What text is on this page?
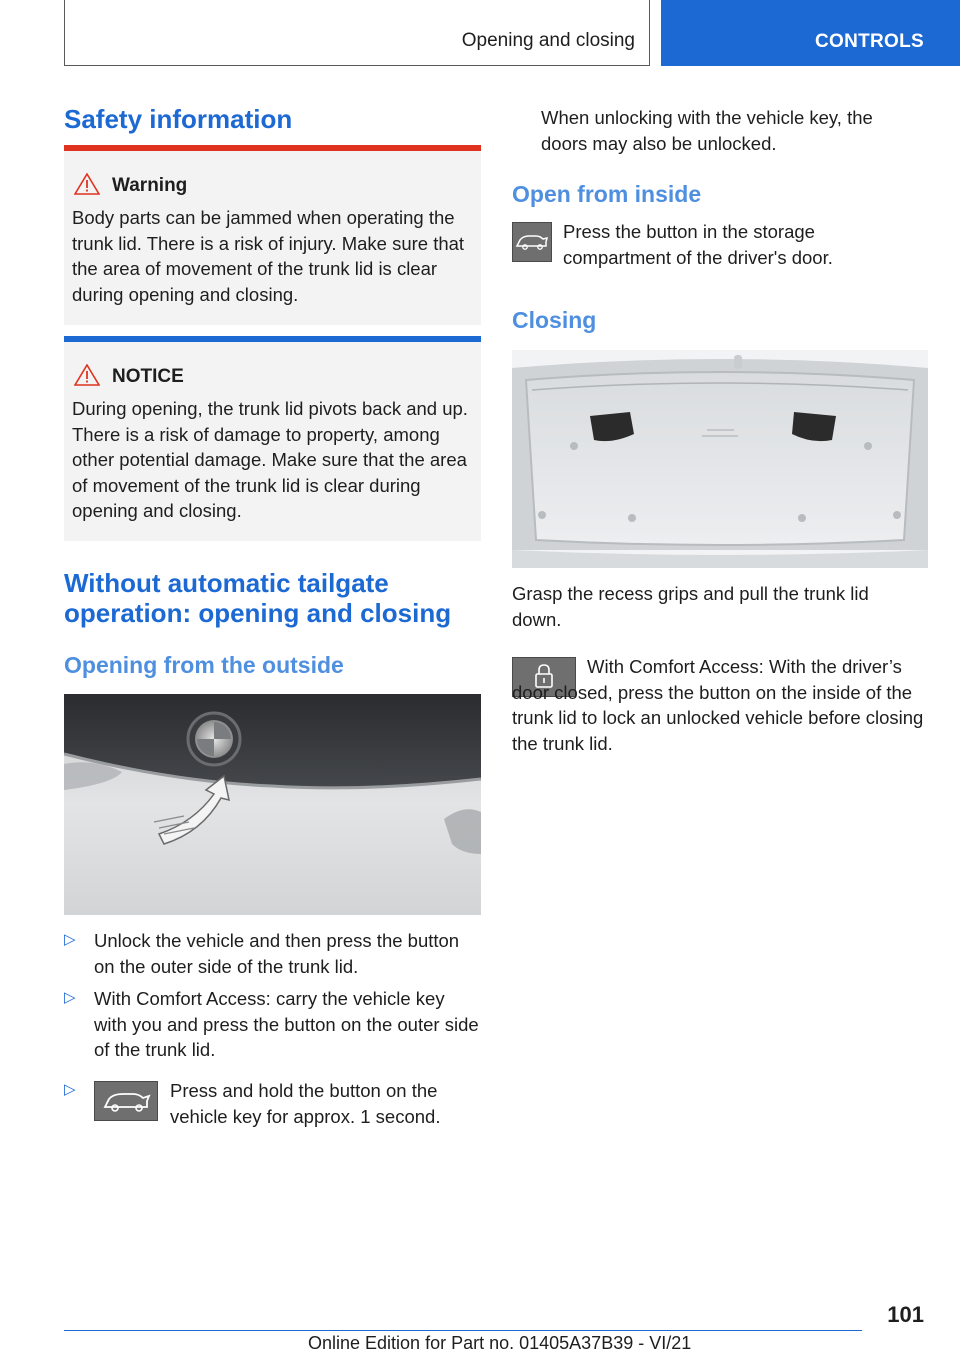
Opening and closing	CONTROLS
Safety information
Warning
Body parts can be jammed when operating the trunk lid. There is a risk of injury. Make sure that the area of movement of the trunk lid is clear during opening and closing.
NOTICE
During opening, the trunk lid pivots back and up. There is a risk of damage to property, among other potential damage. Make sure that the area of movement of the trunk lid is clear during opening and closing.
Without automatic tailgate operation: opening and closing
Opening from the outside
▷ Unlock the vehicle and then press the button on the outer side of the trunk lid.
▷ With Comfort Access: carry the vehicle key with you and press the button on the outer side of the trunk lid.
▷	Press and hold the button on the vehicle key for approx. 1 second.
When unlocking with the vehicle key, the doors may also be unlocked.
Open from inside
Press the button in the storage compartment of the driver's door.
Closing
Grasp the recess grips and pull the trunk lid down.
With Comfort Access: With the driver’s door closed, press the button on the inside of the trunk lid to lock an unlocked vehicle before closing the trunk lid.
101
Online Edition for Part no. 01405A37B39 - VI/21
